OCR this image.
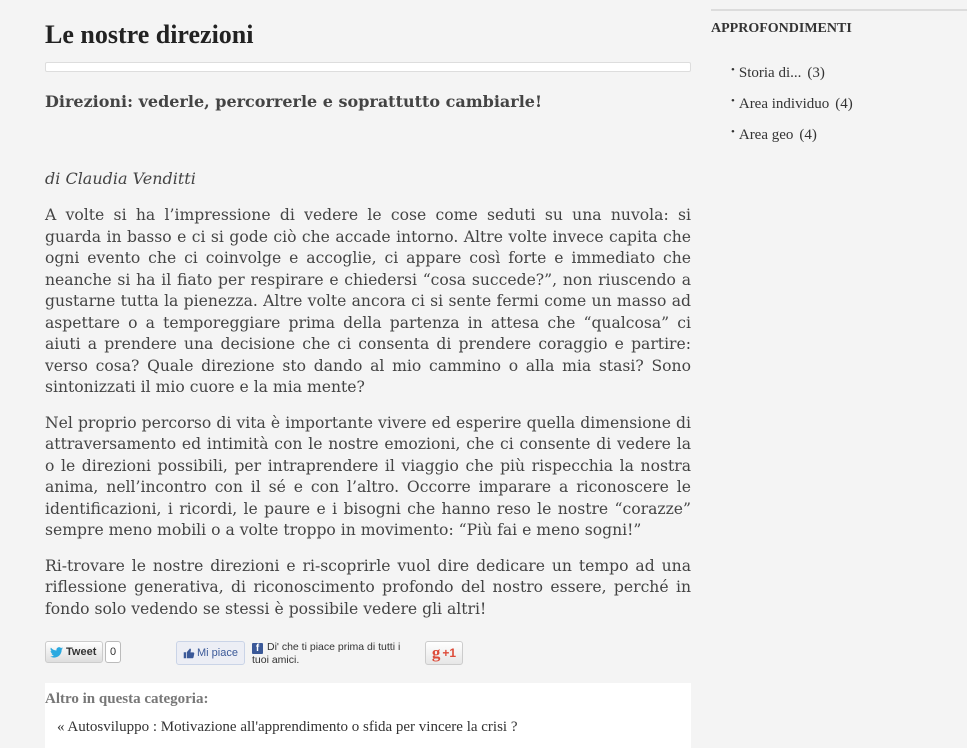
Le nostre direzioni
Direzioni: vederle, percorrerle e soprattutto cambiarle!
di Claudia Venditti

A volte si ha l’impressione di vedere le cose come seduti su una nuvola: si guarda in basso e ci si gode ciò che accade intorno. Altre volte invece capita che ogni evento che ci coinvolge e accoglie, ci appare così forte e immediato che neanche si ha il fiato per respirare e chiedersi “cosa succede?”, non riuscendo a gustarne tutta la pienezza. Altre volte ancora ci si sente fermi come un masso ad aspettare o a temporeggiare prima della partenza in attesa che “qualcosa” ci aiuti a prendere una decisione che ci consenta di prendere coraggio e partire: verso cosa? Quale direzione sto dando al mio cammino o alla mia stasi? Sono sintonizzati il mio cuore e la mia mente?

Nel proprio percorso di vita è importante vivere ed esperire quella dimensione di attraversamento ed intimità con le nostre emozioni, che ci consente di vedere la o le direzioni possibili, per intraprendere il viaggio che più rispecchia la nostra anima, nell’incontro con il sé e con l’altro. Occorre imparare a riconoscere le identificazioni, i ricordi, le paure e i bisogni che hanno reso le nostre “corazze” sempre meno mobili o a volte troppo in movimento: “Più fai e meno sogni!”

Ri-trovare le nostre direzioni e ri-scoprirle vuol dire dedicare un tempo ad una riflessione generativa, di riconoscimento profondo del nostro essere, perché in fondo solo vedendo se stessi è possibile vedere gli altri!

Tweet	0	Mi piace	f Di' che ti piace prima di tutti i tuoi amici.	g +1
Altro in questa categoria:
« Autosviluppo : Motivazione all'apprendimento o sfida per vincere la crisi ?
APPROFONDIMENTI
• Storia di... (3)
• Area individuo (4)
• Area geo (4)
